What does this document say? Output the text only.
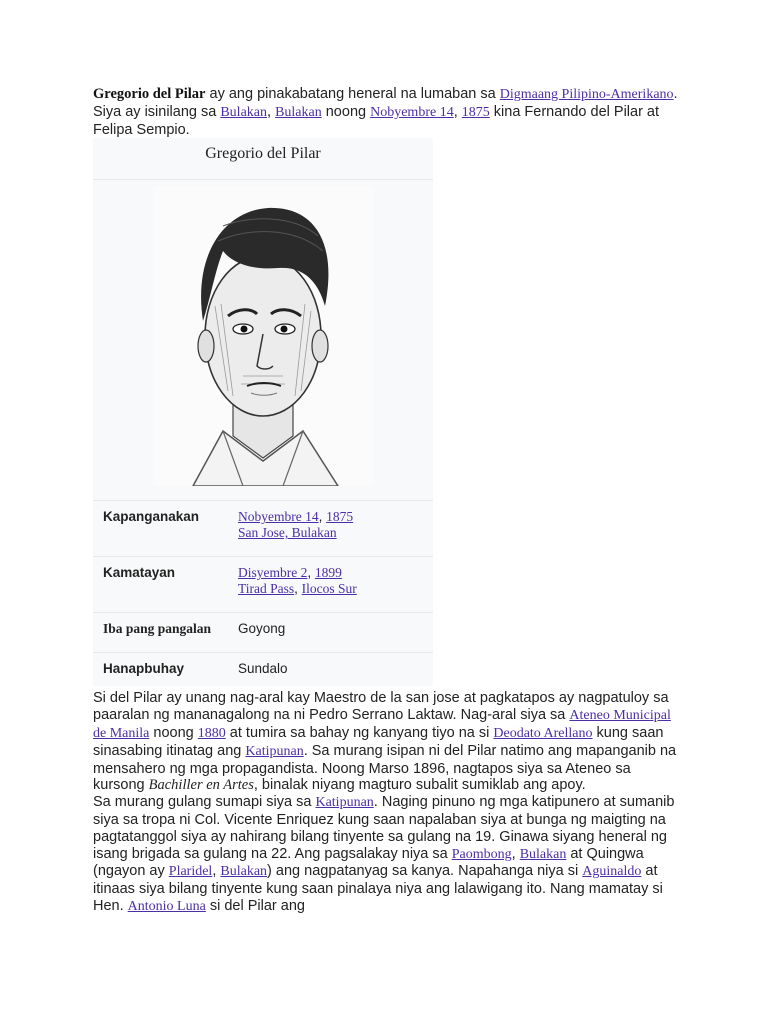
Gregorio del Pilar ay ang pinakabatang heneral na lumaban sa Digmaang Pilipino-Amerikano. Siya ay isinilang sa Bulakan, Bulakan noong Nobyembre 14, 1875 kina Fernando del Pilar at Felipa Sempio.

Gregorio del Pilar
Kapanganakan	Nobyembre 14, 1875
San Jose, Bulakan
Kamatayan	Disyembre 2, 1899
Tirad Pass, Ilocos Sur
Iba pang pangalan	Goyong
Hanapbuhay	Sundalo

Si del Pilar ay unang nag-aral kay Maestro de la san jose at pagkatapos ay nagpatuloy sa paaralan ng mananagalong na ni Pedro Serrano Laktaw. Nag-aral siya sa Ateneo Municipal de Manila noong 1880 at tumira sa bahay ng kanyang tiyo na si Deodato Arellano kung saan sinasabing itinatag ang Katipunan. Sa murang isipan ni del Pilar natimo ang mapanganib na mensahero ng mga propagandista. Noong Marso 1896, nagtapos siya sa Ateneo sa kursong Bachiller en Artes, binalak niyang magturo subalit sumiklab ang apoy.

Sa murang gulang sumapi siya sa Katipunan. Naging pinuno ng mga katipunero at sumanib siya sa tropa ni Col. Vicente Enriquez kung saan napalaban siya at bunga ng maigting na pagtatanggol siya ay nahirang bilang tinyente sa gulang na 19. Ginawa siyang heneral ng isang brigada sa gulang na 22. Ang pagsalakay niya sa Paombong, Bulakan at Quingwa (ngayon ay Plaridel, Bulakan) ang nagpatanyag sa kanya. Napahanga niya si Aguinaldo at itinaas siya bilang tinyente kung saan pinalaya niya ang lalawigang ito. Nang mamatay si Hen. Antonio Luna si del Pilar ang
